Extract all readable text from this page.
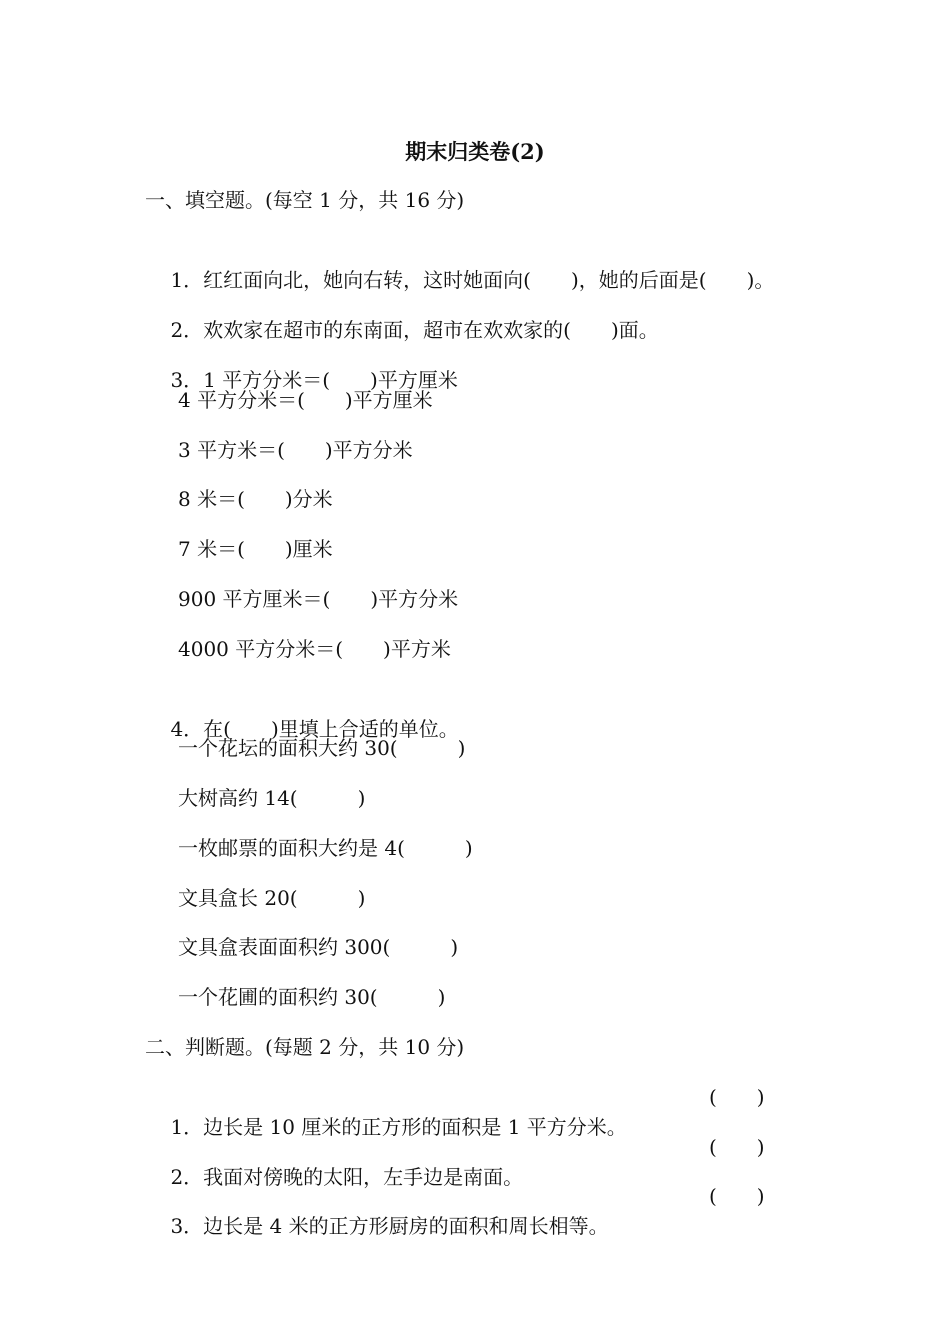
期末归类卷(2)
一、填空题。(每空 1 分，共 16 分)

1．红红面向北，她向右转，这时她面向(　　)，她的后面是(　　)。

2．欢欢家在超市的东南面，超市在欢欢家的(　　)面。

3．1 平方分米＝(　　)平方厘米

4 平方分米＝(　　)平方厘米
3 平方米＝(　　)平方分米
8 米＝(　　)分米
7 米＝(　　)厘米
900 平方厘米＝(　　)平方分米
4000 平方分米＝(　　)平方米

4．在(　　)里填上合适的单位。

一个花坛的面积大约 30(　　　)
大树高约 14(　　　)
一枚邮票的面积大约是 4(　　　)
文具盒长 20(　　　)
文具盒表面面积约 300(　　　)
一个花圃的面积约 30(　　　)
二、判断题。(每题 2 分，共 10 分)

1．边长是 10 厘米的正方形的面积是 1 平方分米。

(　　)

2．我面对傍晚的太阳，左手边是南面。

(　　)

3．边长是 4 米的正方形厨房的面积和周长相等。

(　　)
